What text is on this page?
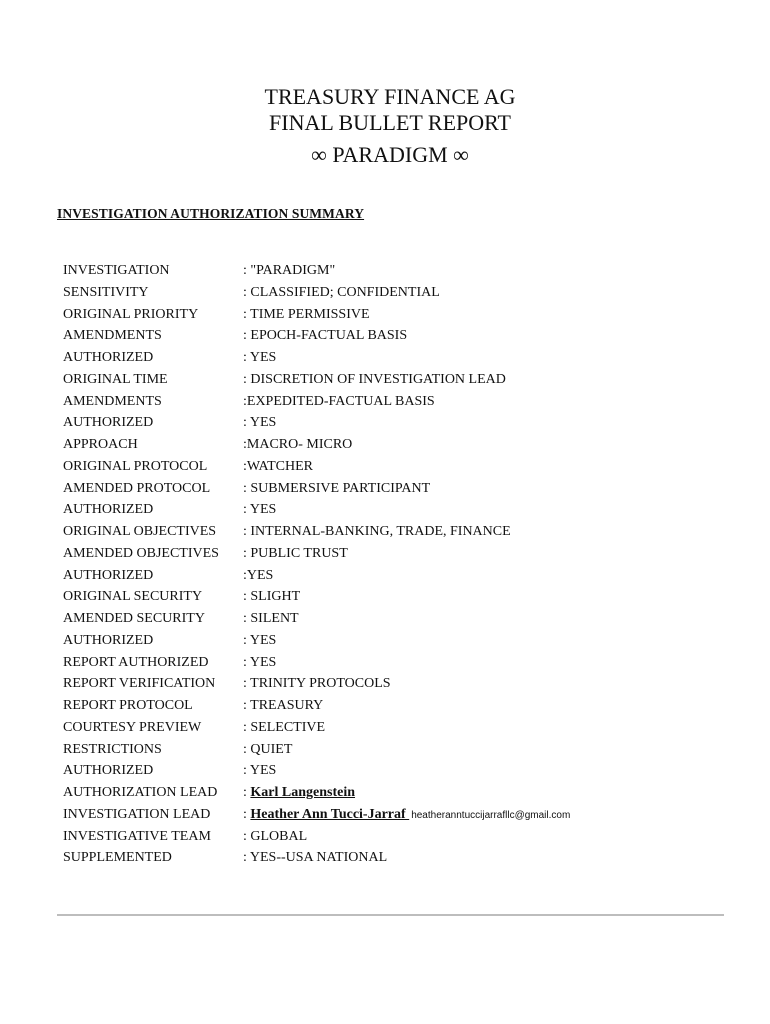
TREASURY FINANCE AG

FINAL BULLET REPORT

∞ PARADIGM ∞

INVESTIGATION AUTHORIZATION SUMMARY
INVESTIGATION	: "PARADIGM"
SENSITIVITY	: CLASSIFIED; CONFIDENTIAL
ORIGINAL PRIORITY	: TIME PERMISSIVE
AMENDMENTS	: EPOCH-FACTUAL BASIS
AUTHORIZED	: YES
ORIGINAL TIME	: DISCRETION OF INVESTIGATION LEAD
AMENDMENTS	:EXPEDITED-FACTUAL BASIS
AUTHORIZED	: YES
APPROACH	:MACRO- MICRO
ORIGINAL PROTOCOL	:WATCHER
AMENDED PROTOCOL : SUBMERSIVE PARTICIPANT
AUTHORIZED	: YES
ORIGINAL OBJECTIVES : INTERNAL-BANKING, TRADE, FINANCE
AMENDED OBJECTIVES : PUBLIC TRUST
AUTHORIZED	:YES
ORIGINAL SECURITY	: SLIGHT
AMENDED SECURITY	: SILENT
AUTHORIZED	: YES
REPORT AUTHORIZED : YES
REPORT VERIFICATION : TRINITY PROTOCOLS
REPORT PROTOCOL	: TREASURY
COURTESY PREVIEW	: SELECTIVE
RESTRICTIONS	: QUIET
AUTHORIZED	: YES
AUTHORIZATION LEAD : Karl Langenstein
INVESTIGATION LEAD : Heather Ann Tucci-Jarraf heatheranntuccijarrafllc@gmail.com
INVESTIGATIVE TEAM : GLOBAL
SUPPLEMENTED	: YES--USA NATIONAL
